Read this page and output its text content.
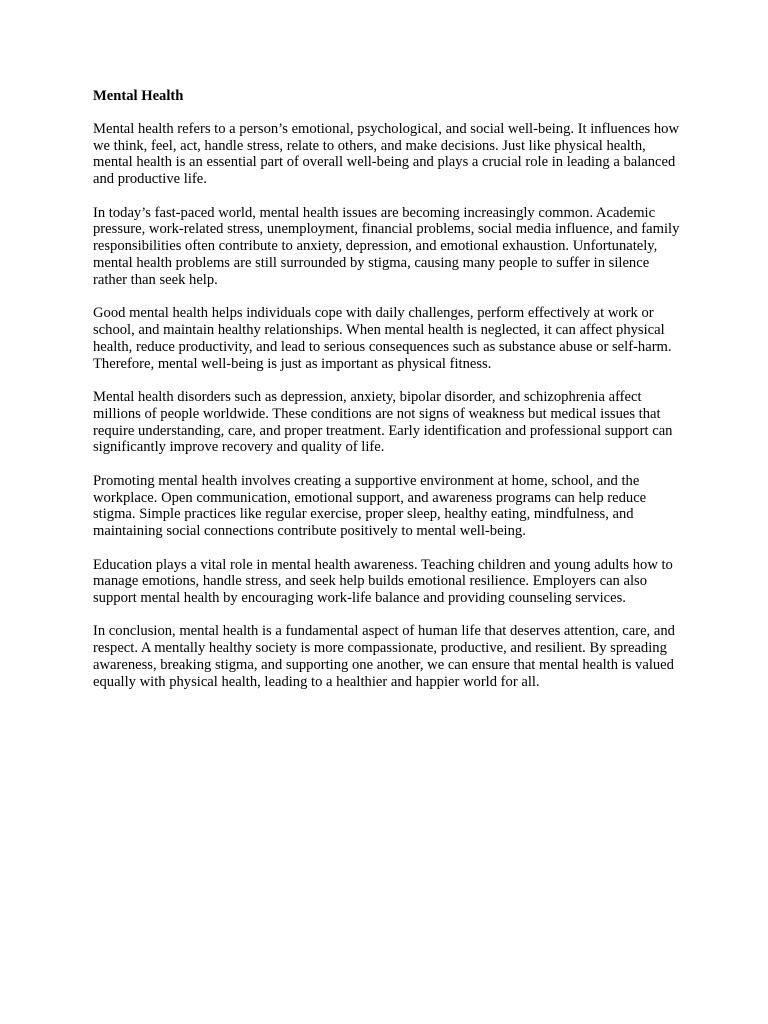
Mental Health

Mental health refers to a person’s emotional, psychological, and social well-being. It influences how we think, feel, act, handle stress, relate to others, and make decisions. Just like physical health, mental health is an essential part of overall well-being and plays a crucial role in leading a balanced and productive life.

In today’s fast-paced world, mental health issues are becoming increasingly common. Academic pressure, work-related stress, unemployment, financial problems, social media influence, and family responsibilities often contribute to anxiety, depression, and emotional exhaustion. Unfortunately, mental health problems are still surrounded by stigma, causing many people to suffer in silence rather than seek help.

Good mental health helps individuals cope with daily challenges, perform effectively at work or school, and maintain healthy relationships. When mental health is neglected, it can affect physical health, reduce productivity, and lead to serious consequences such as substance abuse or self-harm. Therefore, mental well-being is just as important as physical fitness.

Mental health disorders such as depression, anxiety, bipolar disorder, and schizophrenia affect millions of people worldwide. These conditions are not signs of weakness but medical issues that require understanding, care, and proper treatment. Early identification and professional support can significantly improve recovery and quality of life.

Promoting mental health involves creating a supportive environment at home, school, and the workplace. Open communication, emotional support, and awareness programs can help reduce stigma. Simple practices like regular exercise, proper sleep, healthy eating, mindfulness, and maintaining social connections contribute positively to mental well-being.

Education plays a vital role in mental health awareness. Teaching children and young adults how to manage emotions, handle stress, and seek help builds emotional resilience. Employers can also support mental health by encouraging work-life balance and providing counseling services.

In conclusion, mental health is a fundamental aspect of human life that deserves attention, care, and respect. A mentally healthy society is more compassionate, productive, and resilient. By spreading awareness, breaking stigma, and supporting one another, we can ensure that mental health is valued equally with physical health, leading to a healthier and happier world for all.
